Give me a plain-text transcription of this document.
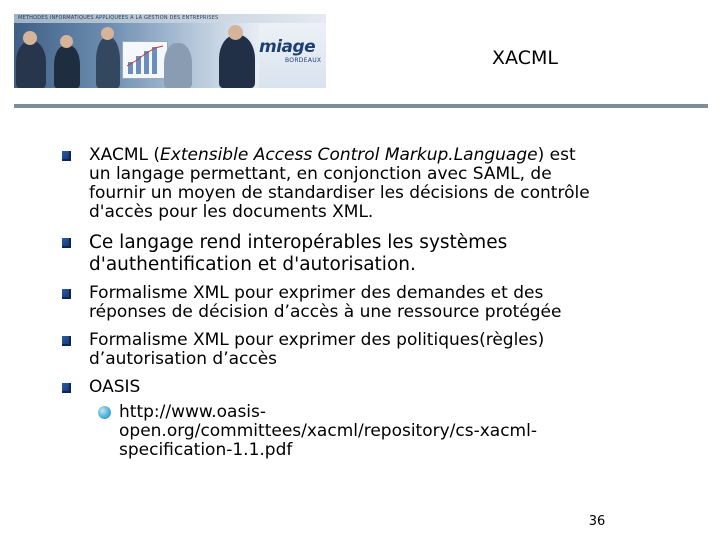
METHODES INFORMATIQUES APPLIQUEES A LA GESTION DES ENTREPRISES
miage
BORDEAUX	XACML
XACML (Extensible Access Control Markup.Language) est
un langage permettant, en conjonction avec SAML, de
fournir un moyen de standardiser les décisions de contrôle
d'accès pour les documents XML.
Ce langage rend interopérables les systèmes
d'authentification et d'autorisation.
Formalisme XML pour exprimer des demandes et des
réponses de décision d’accès à une ressource protégée
Formalisme XML pour exprimer des politiques(règles)
d’autorisation d’accès
OASIS
http://www.oasis-
open.org/committees/xacml/repository/cs-xacml-
specification-1.1.pdf
36
